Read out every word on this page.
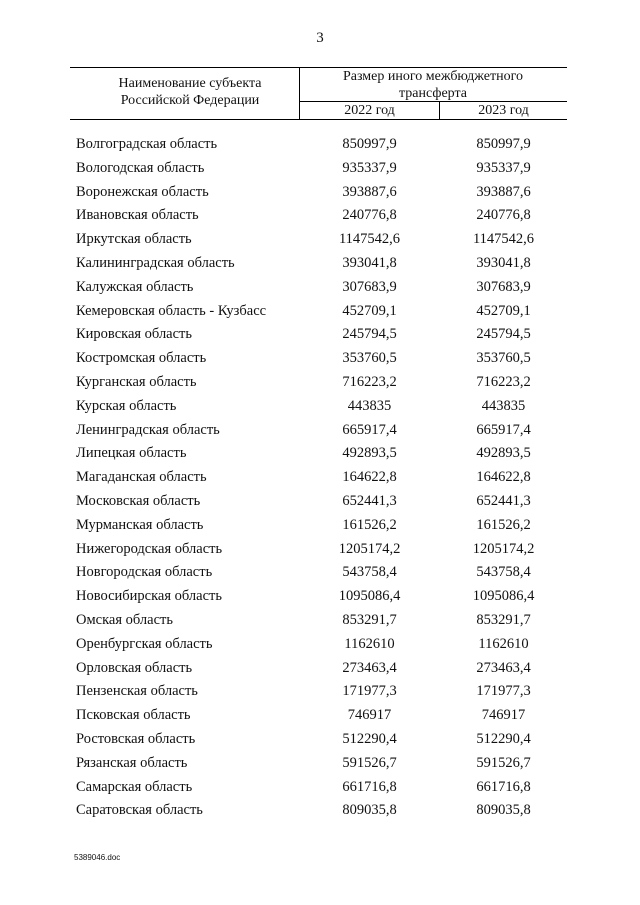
3
Наименование субъекта Российской Федерации
Размер иного межбюджетного трансферта
2022 год	2023 год
Волгоградская область	850997,9	850997,9
Вологодская область	935337,9	935337,9
Воронежская область	393887,6	393887,6
Ивановская область	240776,8	240776,8
Иркутская область	1147542,6	1147542,6
Калининградская область	393041,8	393041,8
Калужская область	307683,9	307683,9
Кемеровская область - Кузбасс	452709,1	452709,1
Кировская область	245794,5	245794,5
Костромская область	353760,5	353760,5
Курганская область	716223,2	716223,2
Курская область	443835	443835
Ленинградская область	665917,4	665917,4
Липецкая область	492893,5	492893,5
Магаданская область	164622,8	164622,8
Московская область	652441,3	652441,3
Мурманская область	161526,2	161526,2
Нижегородская область	1205174,2	1205174,2
Новгородская область	543758,4	543758,4
Новосибирская область	1095086,4	1095086,4
Омская область	853291,7	853291,7
Оренбургская область	1162610	1162610
Орловская область	273463,4	273463,4
Пензенская область	171977,3	171977,3
Псковская область	746917	746917
Ростовская область	512290,4	512290,4
Рязанская область	591526,7	591526,7
Самарская область	661716,8	661716,8
Саратовская область	809035,8	809035,8
5389046.doc
